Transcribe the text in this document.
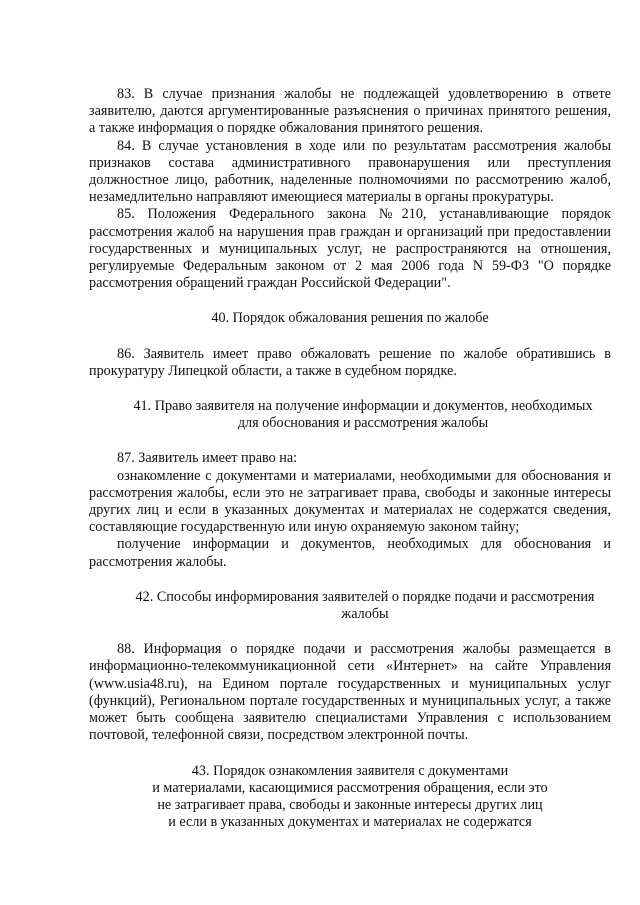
83. В случае признания жалобы не подлежащей удовлетворению в ответе заявителю, даются аргументированные разъяснения о причинах принятого решения, а также информация о порядке обжалования принятого решения.

84. В случае установления в ходе или по результатам рассмотрения жалобы признаков состава административного правонарушения или преступления должностное лицо, работник, наделенные полномочиями по рассмотрению жалоб, незамедлительно направляют имеющиеся материалы в органы прокуратуры.

85. Положения Федерального закона №210, устанавливающие порядок рассмотрения жалоб на нарушения прав граждан и организаций при предоставлении государственных и муниципальных услуг, не распространяются на отношения, регулируемые Федеральным законом от 2 мая 2006 года N 59-ФЗ "О порядке рассмотрения обращений граждан Российской Федерации".

40. Порядок обжалования решения по жалобе

86. Заявитель имеет право обжаловать решение по жалобе обратившись в прокуратуру Липецкой области, а также в судебном порядке.

41. Право заявителя на получение информации и документов, необходимых для обоснования и рассмотрения жалобы

87. Заявитель имеет право на:

ознакомление с документами и материалами, необходимыми для обоснования и рассмотрения жалобы, если это не затрагивает права, свободы и законные интересы других лиц и если в указанных документах и материалах не содержатся сведения, составляющие государственную или иную охраняемую законом тайну;

получение информации и документов, необходимых для обоснования и рассмотрения жалобы.

42. Способы информирования заявителей о порядке подачи и рассмотрения жалобы

88. Информация о порядке подачи и рассмотрения жалобы размещается в информационно-телекоммуникационной сети «Интернет» на сайте Управления (www.usia48.ru), на Едином портале государственных и муниципальных услуг (функций), Региональном портале государственных и муниципальных услуг, а также может быть сообщена заявителю специалистами Управления с использованием почтовой, телефонной связи, посредством электронной почты.

43. Порядок ознакомления заявителя с документами

и материалами, касающимися рассмотрения обращения, если это

не затрагивает права, свободы и законные интересы других лиц

и если в указанных документах и материалах не содержатся
